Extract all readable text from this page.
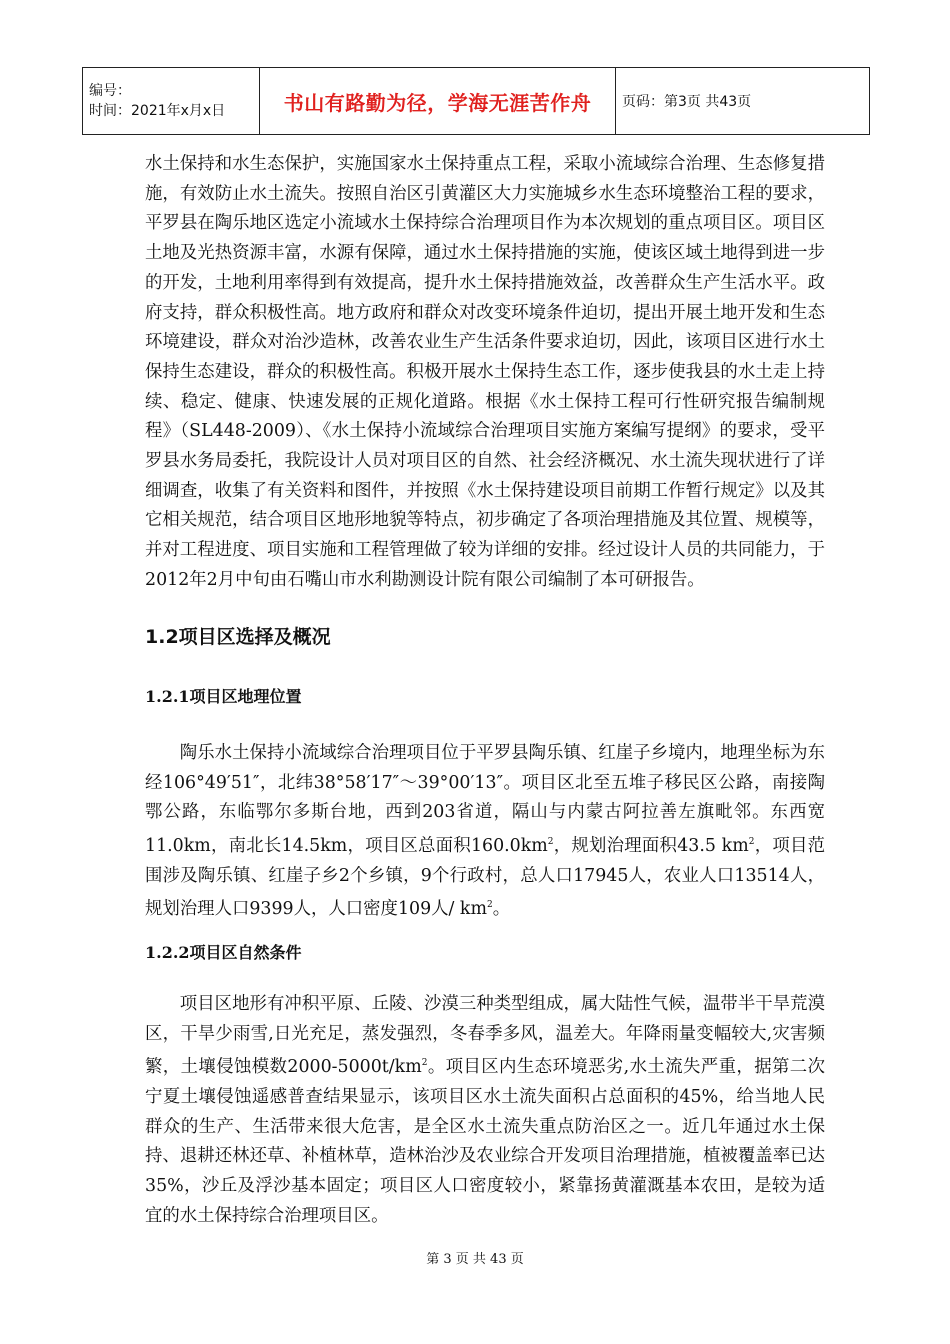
编号：
时间：2021年x月x日	书山有路勤为径，学海无涯苦作舟	页码：第3页 共43页

水土保持和水生态保护，实施国家水土保持重点工程，采取小流域综合治理、生态修复措施，有效防止水土流失。按照自治区引黄灌区大力实施城乡水生态环境整治工程的要求，平罗县在陶乐地区选定小流域水土保持综合治理项目作为本次规划的重点项目区。项目区土地及光热资源丰富，水源有保障，通过水土保持措施的实施，使该区域土地得到进一步的开发，土地利用率得到有效提高，提升水土保持措施效益，改善群众生产生活水平。政府支持，群众积极性高。地方政府和群众对改变环境条件迫切，提出开展土地开发和生态环境建设，群众对治沙造林，改善农业生产生活条件要求迫切，因此，该项目区进行水土保持生态建设，群众的积极性高。积极开展水土保持生态工作，逐步使我县的水土走上持续、稳定、健康、快速发展的正规化道路。根据《水土保持工程可行性研究报告编制规程》（SL448-2009）、《水土保持小流域综合治理项目实施方案编写提纲》的要求，受平罗县水务局委托，我院设计人员对项目区的自然、社会经济概况、水土流失现状进行了详细调查，收集了有关资料和图件，并按照《水土保持建设项目前期工作暂行规定》以及其它相关规范，结合项目区地形地貌等特点，初步确定了各项治理措施及其位置、规模等，并对工程进度、项目实施和工程管理做了较为详细的安排。经过设计人员的共同能力，于2012年2月中旬由石嘴山市水利勘测设计院有限公司编制了本可研报告。

1.2项目区选择及概况
1.2.1项目区地理位置

陶乐水土保持小流域综合治理项目位于平罗县陶乐镇、红崖子乡境内，地理坐标为东经106°49′51″，北纬38°58′17″～39°00′13″。项目区北至五堆子移民区公路，南接陶鄂公路，东临鄂尔多斯台地，西到203省道，隔山与内蒙古阿拉善左旗毗邻。东西宽11.0km，南北长14.5km，项目区总面积$160.0km^2$，规划治理面积43.5 $km^2$，项目范围涉及陶乐镇、红崖子乡2个乡镇，9个行政村，总人口17945人，农业人口13514人，规划治理人口9399人，人口密度109人/ $km^2$。

1.2.2项目区自然条件

项目区地形有冲积平原、丘陵、沙漠三种类型组成，属大陆性气候，温带半干旱荒漠区，干旱少雨雪,日光充足，蒸发强烈，冬春季多风，温差大。年降雨量变幅较大,灾害频繁，土壤侵蚀模数$2000-5000t/km^2$。项目区内生态环境恶劣,水土流失严重，据第二次宁夏土壤侵蚀遥感普查结果显示，该项目区水土流失面积占总面积的45%，给当地人民群众的生产、生活带来很大危害，是全区水土流失重点防治区之一。近几年通过水土保持、退耕还林还草、补植林草，造林治沙及农业综合开发项目治理措施，植被覆盖率已达35%，沙丘及浮沙基本固定；项目区人口密度较小，紧靠扬黄灌溉基本农田，是较为适宜的水土保持综合治理项目区。

第 3 页 共 43 页
